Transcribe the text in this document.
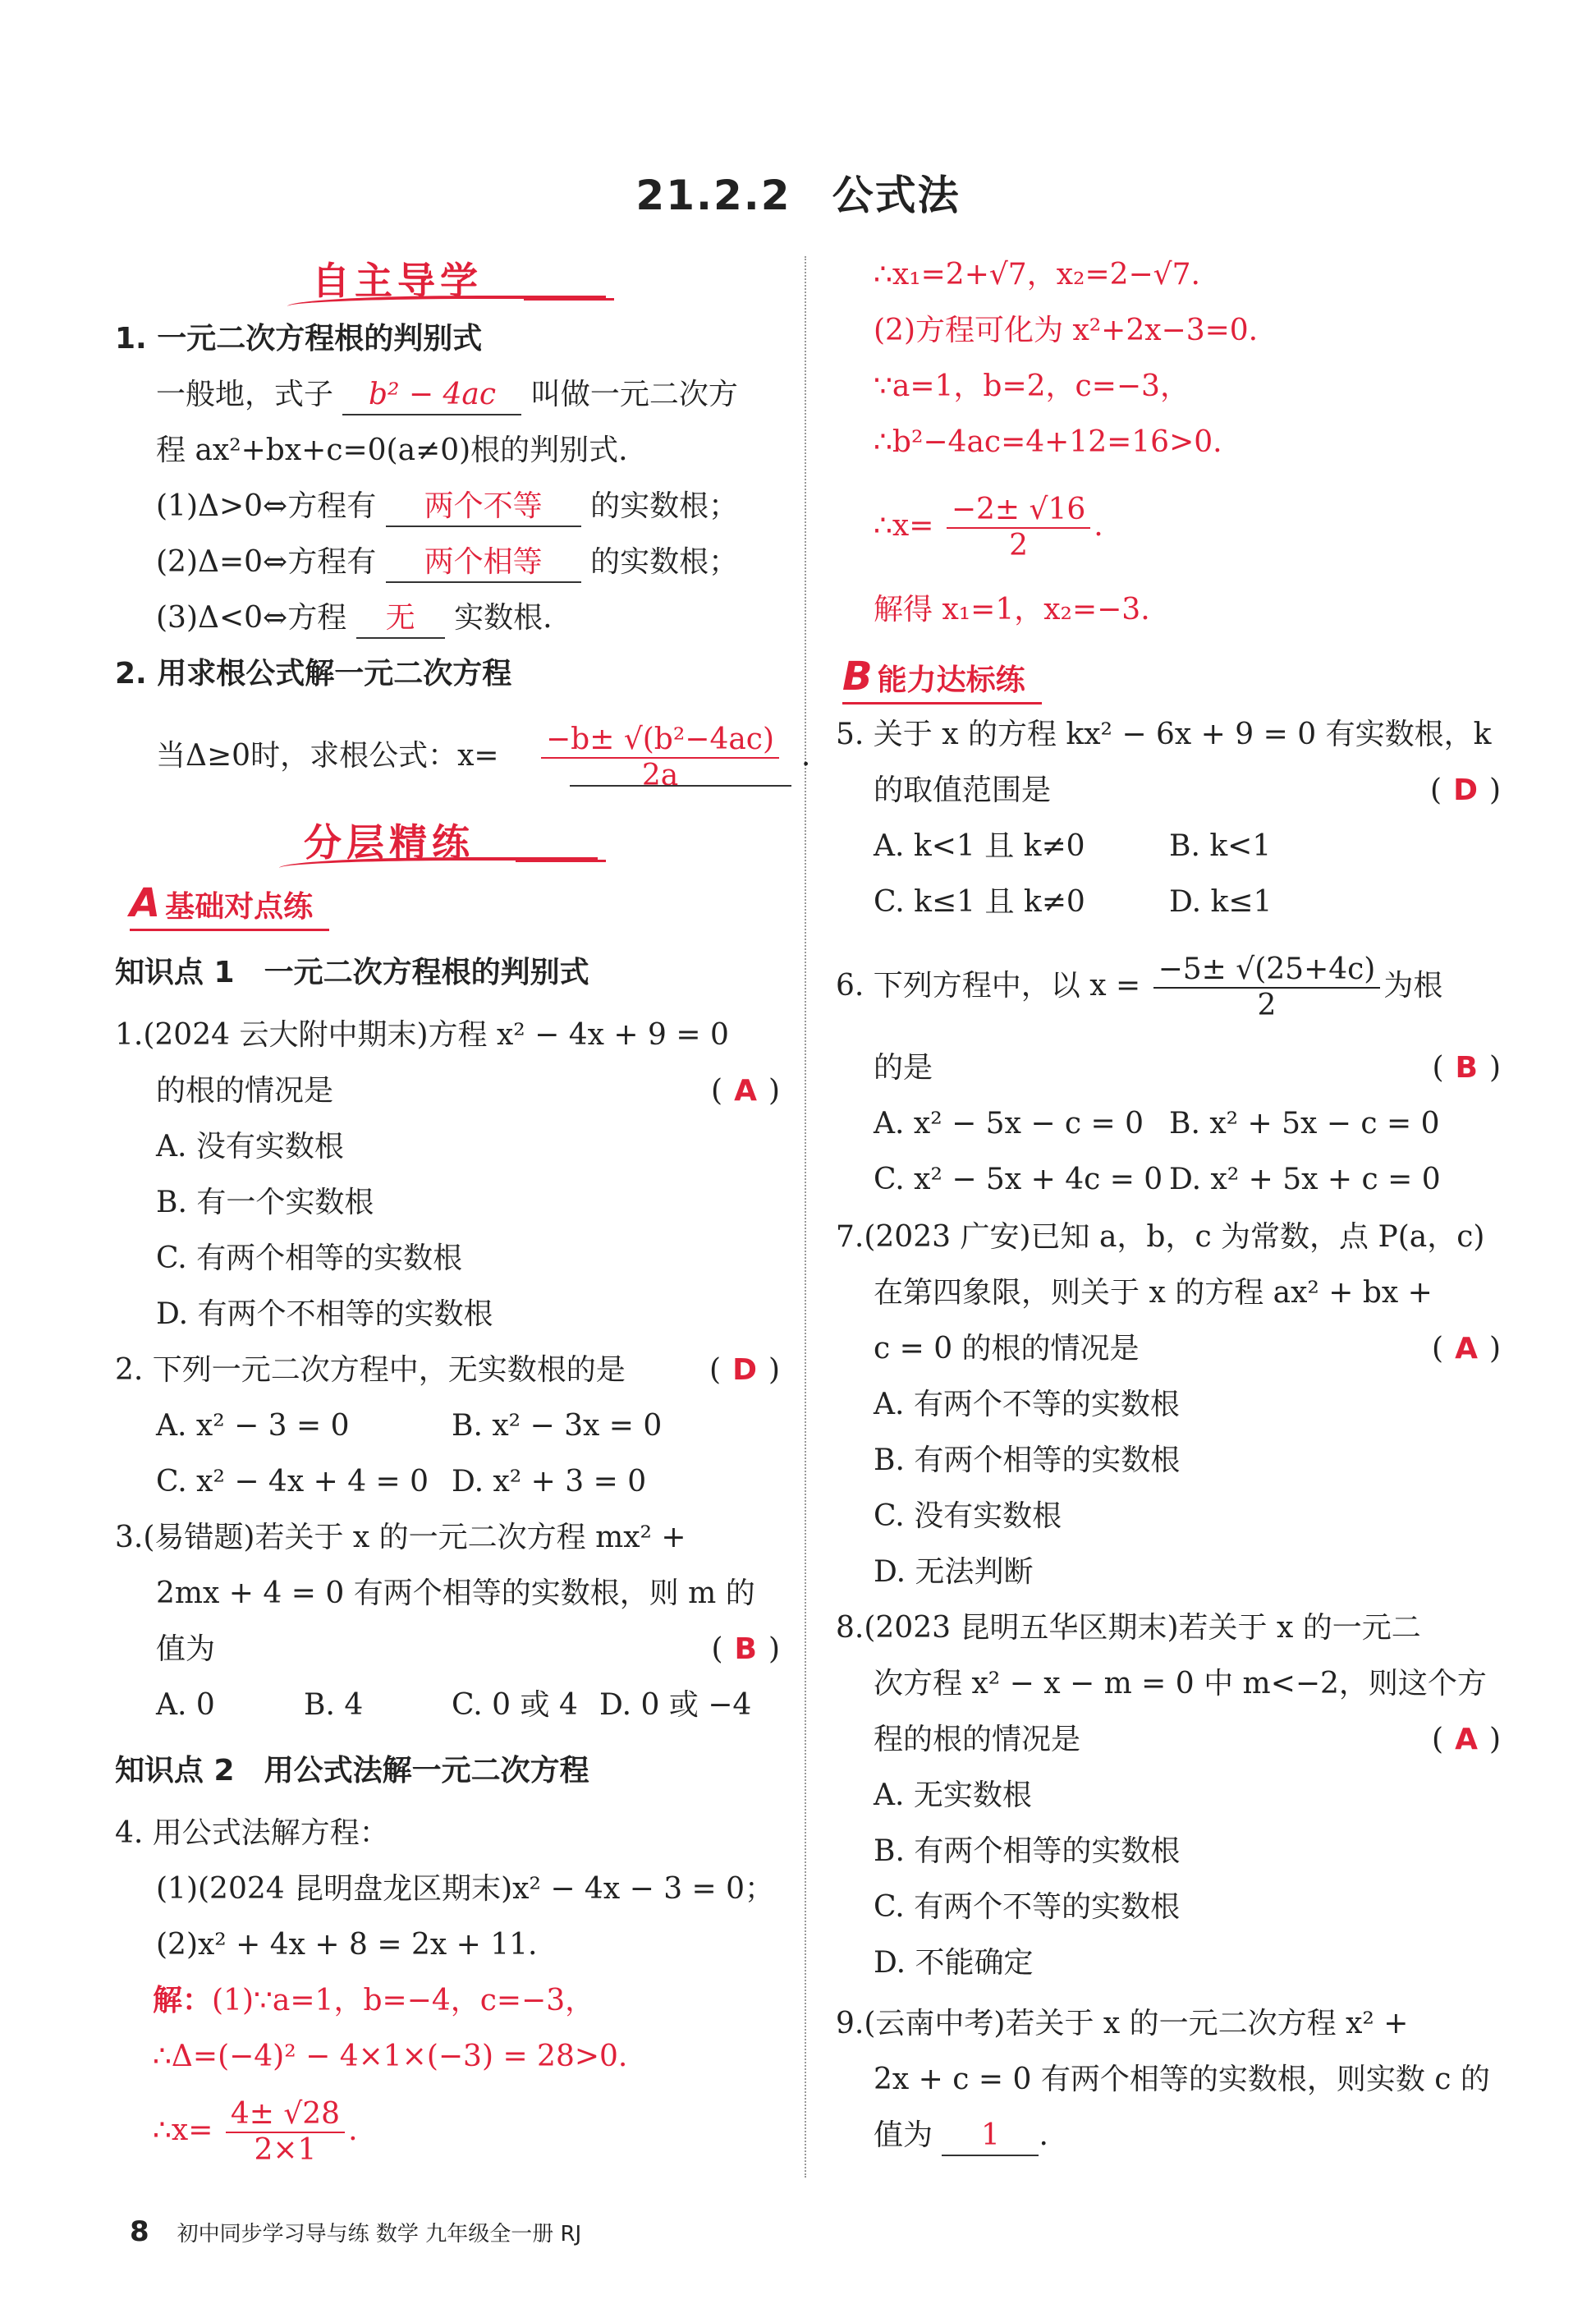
21.2.2 公式法
自主导学
1. 一元二次方程根的判别式
一般地，式子 b² − 4ac 叫做一元二次方
程 ax²+bx+c=0(a≠0)根的判别式.
(1)Δ>0⇔方程有 两个不等 的实数根；
(2)Δ=0⇔方程有 两个相等 的实数根；
(3)Δ<0⇔方程 无 实数根.
2. 用求根公式解一元二次方程
当Δ≥0时，求根公式：$x= \frac{\text{−b± √(b²−4ac)}}{2a}$ .
分层精练
A 基础对点练
知识点 1　一元二次方程根的判别式
1.(2024 云大附中期末)方程 x² − 4x + 9 = 0
的根的情况是	( A )
A. 没有实数根
B. 有一个实数根
C. 有两个相等的实数根
D. 有两个不相等的实数根
2. 下列一元二次方程中，无实数根的是	( D )
A. x² − 3 = 0	B. x² − 3x = 0
C. x² − 4x + 4 = 0 D. x² + 3 = 0
3.(易错题)若关于 x 的一元二次方程 mx² +
2mx + 4 = 0 有两个相等的实数根，则 m 的
值为	( B )
A. 0	B. 4	C. 0 或 4 D. 0 或 −4
知识点 2　用公式法解一元二次方程
4. 用公式法解方程：
(1)(2024 昆明盘龙区期末)x² − 4x − 3 = 0；
(2)x² + 4x + 8 = 2x + 11.
解：(1)∵a=1，b=−4，c=−3，
∴Δ=(−4)² − 4×1×(−3) = 28>0.
∴x= $\frac{4\pm √28}{2\times 1}$ .
∴x₁=2+√7，x₂=2−√7.
(2)方程可化为 x²+2x−3=0.
∵a=1，b=2，c=−3，
∴b²−4ac=4+12=16>0.
∴x= $\frac{-2\pm √16}{2}$ .
解得 x₁=1，x₂=−3.
B 能力达标练
5. 关于 x 的方程 kx² − 6x + 9 = 0 有实数根，k
的取值范围是	( D )
A. k<1 且 k≠0	B. k<1
C. k≤1 且 k≠0	D. k≤1
6. 下列方程中，以 $x = \frac{-5\pm √(25+4c)}{2}$ 为根
的是	( B )
A. x² − 5x − c = 0 B. x² + 5x − c = 0
C. x² − 5x + 4c = 0 D. x² + 5x + c = 0
7.(2023 广安)已知 a，b，c 为常数，点 P(a，c)
在第四象限，则关于 x 的方程 ax² + bx +
c = 0 的根的情况是	( A )
A. 有两个不等的实数根
B. 有两个相等的实数根
C. 没有实数根
D. 无法判断
8.(2023 昆明五华区期末)若关于 x 的一元二
次方程 x² − x − m = 0 中 m<−2，则这个方
程的根的情况是	( A )
A. 无实数根
B. 有两个相等的实数根
C. 有两个不等的实数根
D. 不能确定
9.(云南中考)若关于 x 的一元二次方程 x² +
2x + c = 0 有两个相等的实数根，则实数 c 的
值为 1 .
8 初中同步学习导与练 数学 九年级全一册 RJ
